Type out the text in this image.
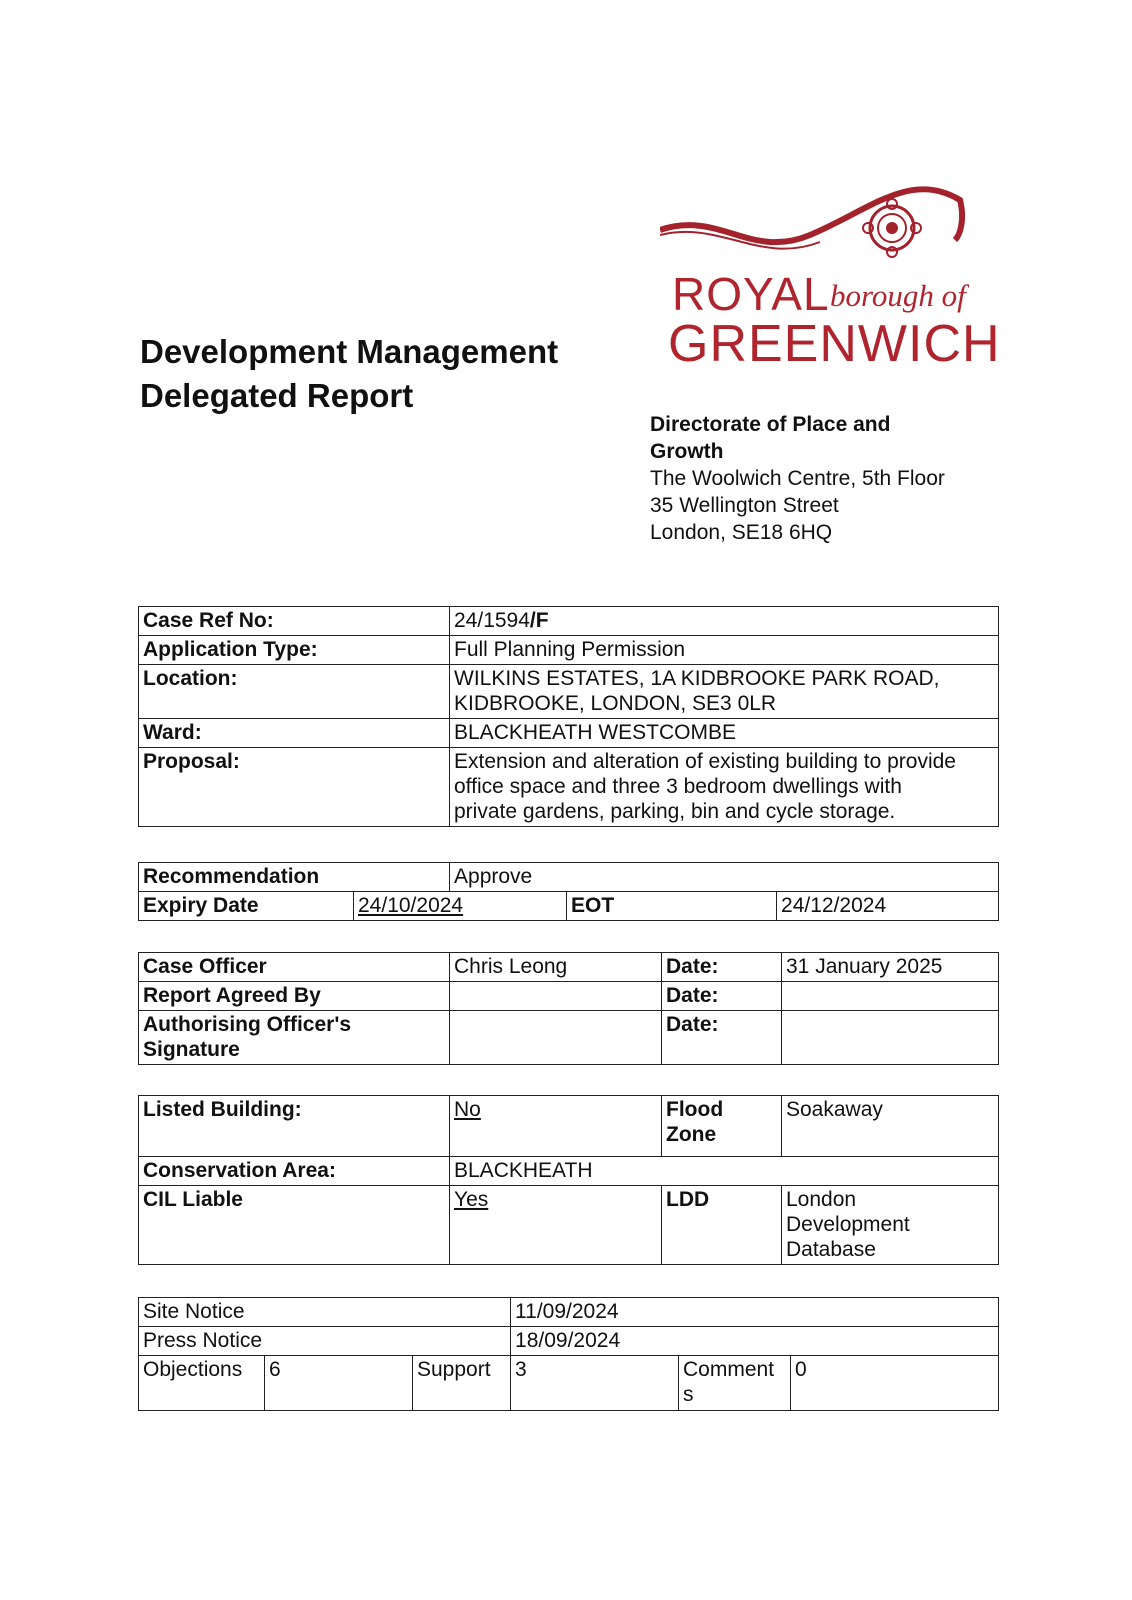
Development Management
Delegated Report
ROYAL borough of
GREENWICH
Directorate of Place and
Growth
The Woolwich Centre, 5th Floor
35 Wellington Street
London, SE18 6HQ
Case Ref No:	24/1594/F
Application Type:	Full Planning Permission
Location:	WILKINS ESTATES, 1A KIDBROOKE PARK ROAD,
KIDBROOKE, LONDON, SE3 0LR
Ward:	BLACKHEATH WESTCOMBE
Proposal:	Extension and alteration of existing building to provide
office space and three 3 bedroom dwellings with
private gardens, parking, bin and cycle storage.
Recommendation		Approve		
Expiry Date	24/10/2024		EOT	24/12/2024
Case Officer	Chris Leong	Date:	31 January 2025
Report Agreed By		Date:	
Authorising Officer's
Signature		Date:	
Listed Building:	No	Flood
Zone	Soakaway
Conservation Area:	BLACKHEATH		
CIL Liable	Yes	LDD	London
Development
Database
Site Notice			11/09/2024		
Press Notice			18/09/2024		
Objections	6	Support	3	Comment
s	0
